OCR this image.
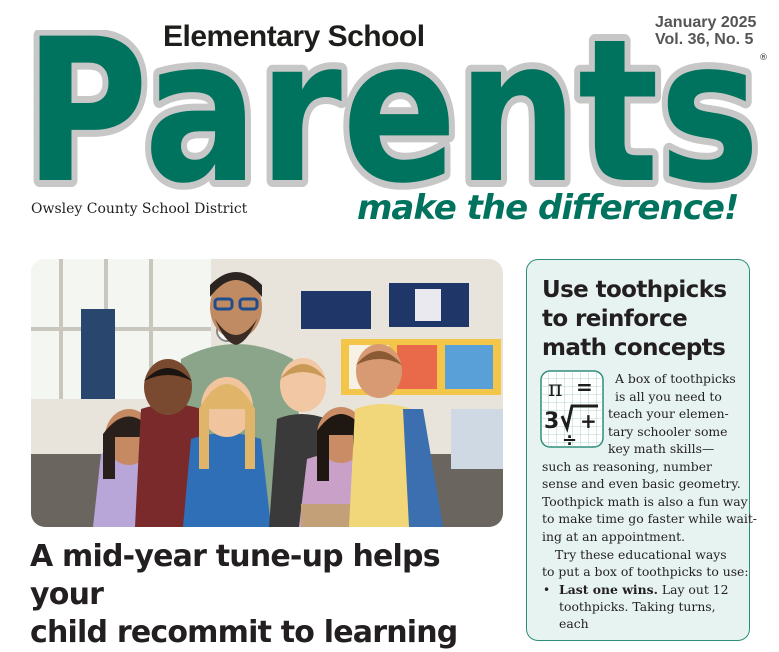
Elementary School	January 2025
Vol. 36, No. 5
Parents ®
Owsley County School District	make the difference!
A mid-year tune-up helps your
child recommit to learning
Use toothpicks
to reinforce
math concepts
π =
3 +
÷
A box of toothpicks
is all you need to
teach your elemen-
tary schooler some
key math skills—
such as reasoning, number
sense and even basic geometry.
Toothpick math is also a fun way
to make time go faster while wait-
ing at an appointment.
Try these educational ways
to put a box of toothpicks to use:
• Last one wins. Lay out 12
toothpicks. Taking turns,
each
